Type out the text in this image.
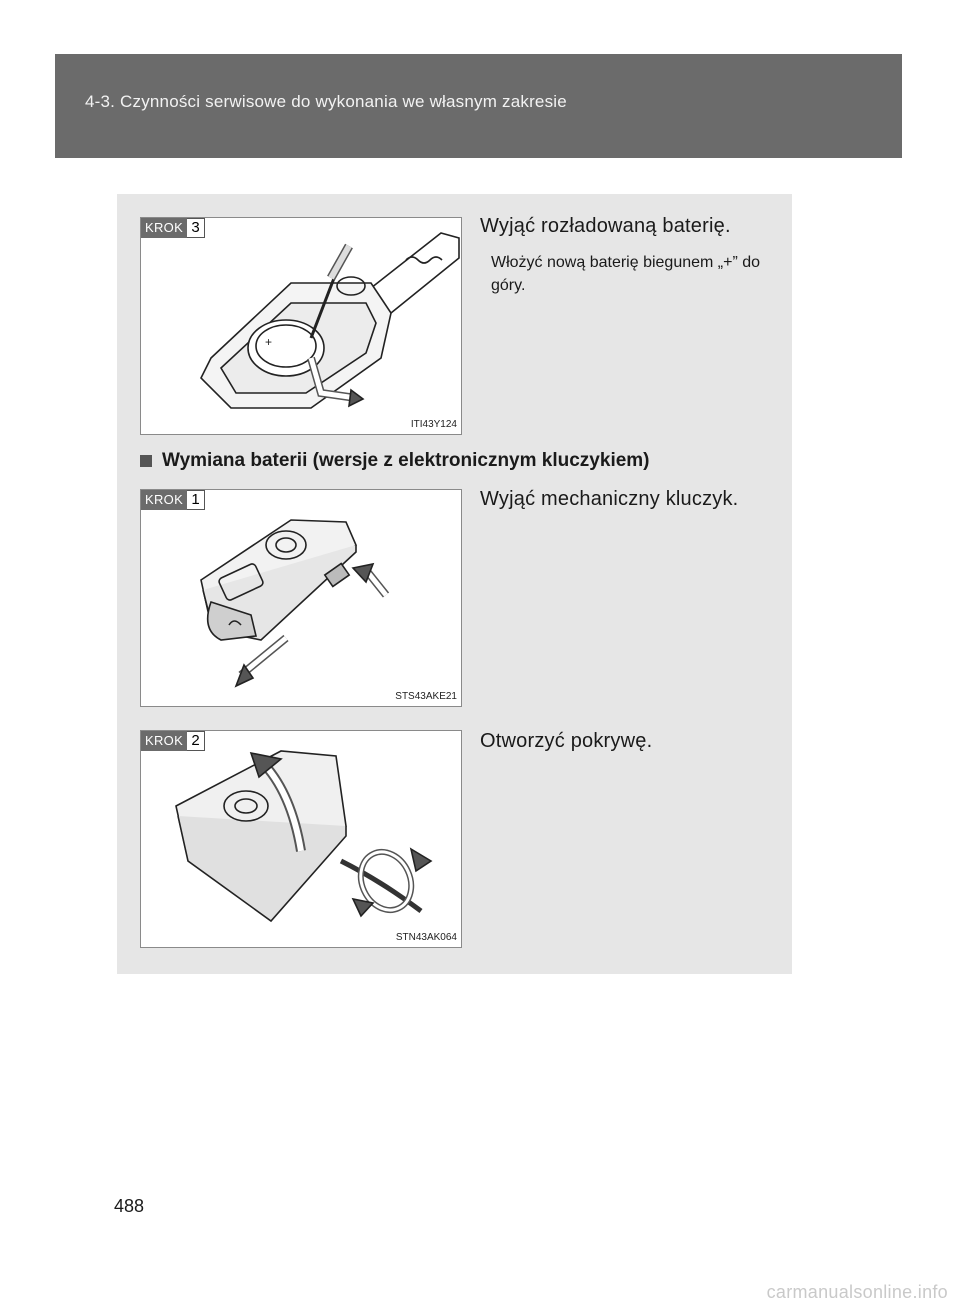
4-3. Czynności serwisowe do wykonania we własnym zakresie
+
KROK 3
ITI43Y124
Wyjąć rozładowaną baterię.
Włożyć nową baterię biegunem „+” do góry.
Wymiana baterii (wersje z elektronicznym kluczykiem)
KROK 1
STS43AKE21
Wyjąć mechaniczny kluczyk.
KROK 2
STN43AK064
Otworzyć pokrywę.
488
carmanualsonline.info
